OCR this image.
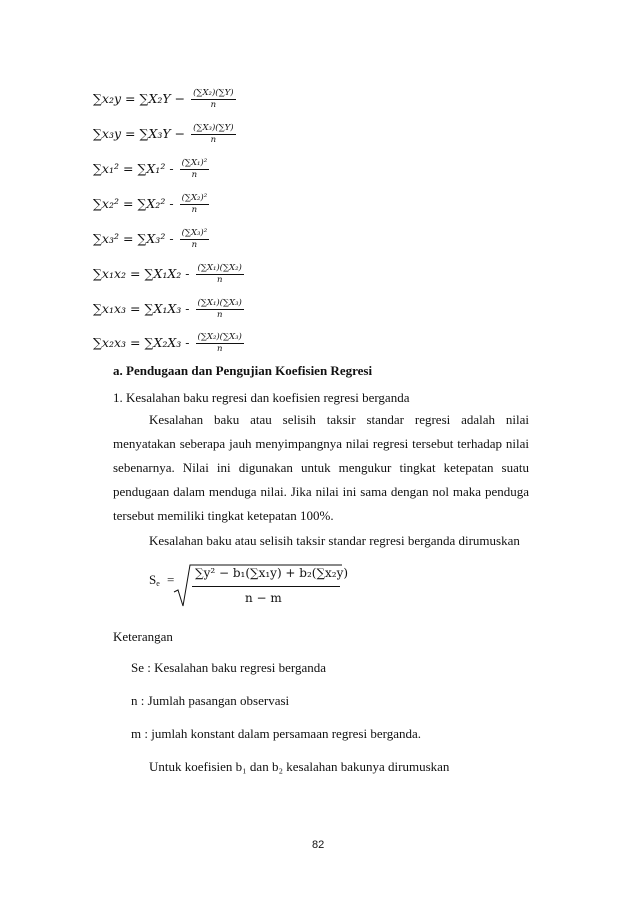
$\sum x_2y = \sum X_2Y - \frac{\text{(∑X₂)(∑Y)}}{n}$
$\sum x_3y = \sum X_3Y - \frac{\text{(∑X₃)(∑Y)}}{n}$
$\sum x_1^2 = \sum X_1^2 - \frac{\text{(∑X₁)²}}{n}$
$\sum x_2^2 = \sum X_2^2 - \frac{\text{(∑X₂)²}}{n}$
$\sum x_3^2 = \sum X_3^2 - \frac{\text{(∑X₃)²}}{n}$
$\sum x_1x_2 = \sum X_1X_2 - \frac{\text{(∑X₁)(∑X₂)}}{n}$
$\sum x_1x_3 = \sum X_1X_3 - \frac{\text{(∑X₁)(∑X₃)}}{n}$
$\sum x_2x_3 = \sum X_2X_3 - \frac{\text{(∑X₂)(∑X₃)}}{n}$
a. Pendugaan dan Pengujian Koefisien Regresi
1. Kesalahan baku regresi dan koefisien regresi berganda
Kesalahan baku atau selisih taksir standar regresi adalah nilai menyatakan seberapa jauh menyimpangnya nilai regresi tersebut terhadap nilai sebenarnya. Nilai ini digunakan untuk mengukur tingkat ketepatan suatu pendugaan dalam menduga nilai. Jika nilai ini sama dengan nol maka penduga tersebut memiliki tingkat ketepatan 100%.
Kesalahan baku atau selisih taksir standar regresi berganda dirumuskan
$S_e = \sum y^2 - b_1(\sum x_1y) + b_2(\sum x_2y)$
n − m
Keterangan
Se : Kesalahan baku regresi berganda
n : Jumlah pasangan observasi
m : jumlah konstant dalam persamaan regresi berganda.
Untuk koefisien b₁ dan b₂ kesalahan bakunya dirumuskan
82
